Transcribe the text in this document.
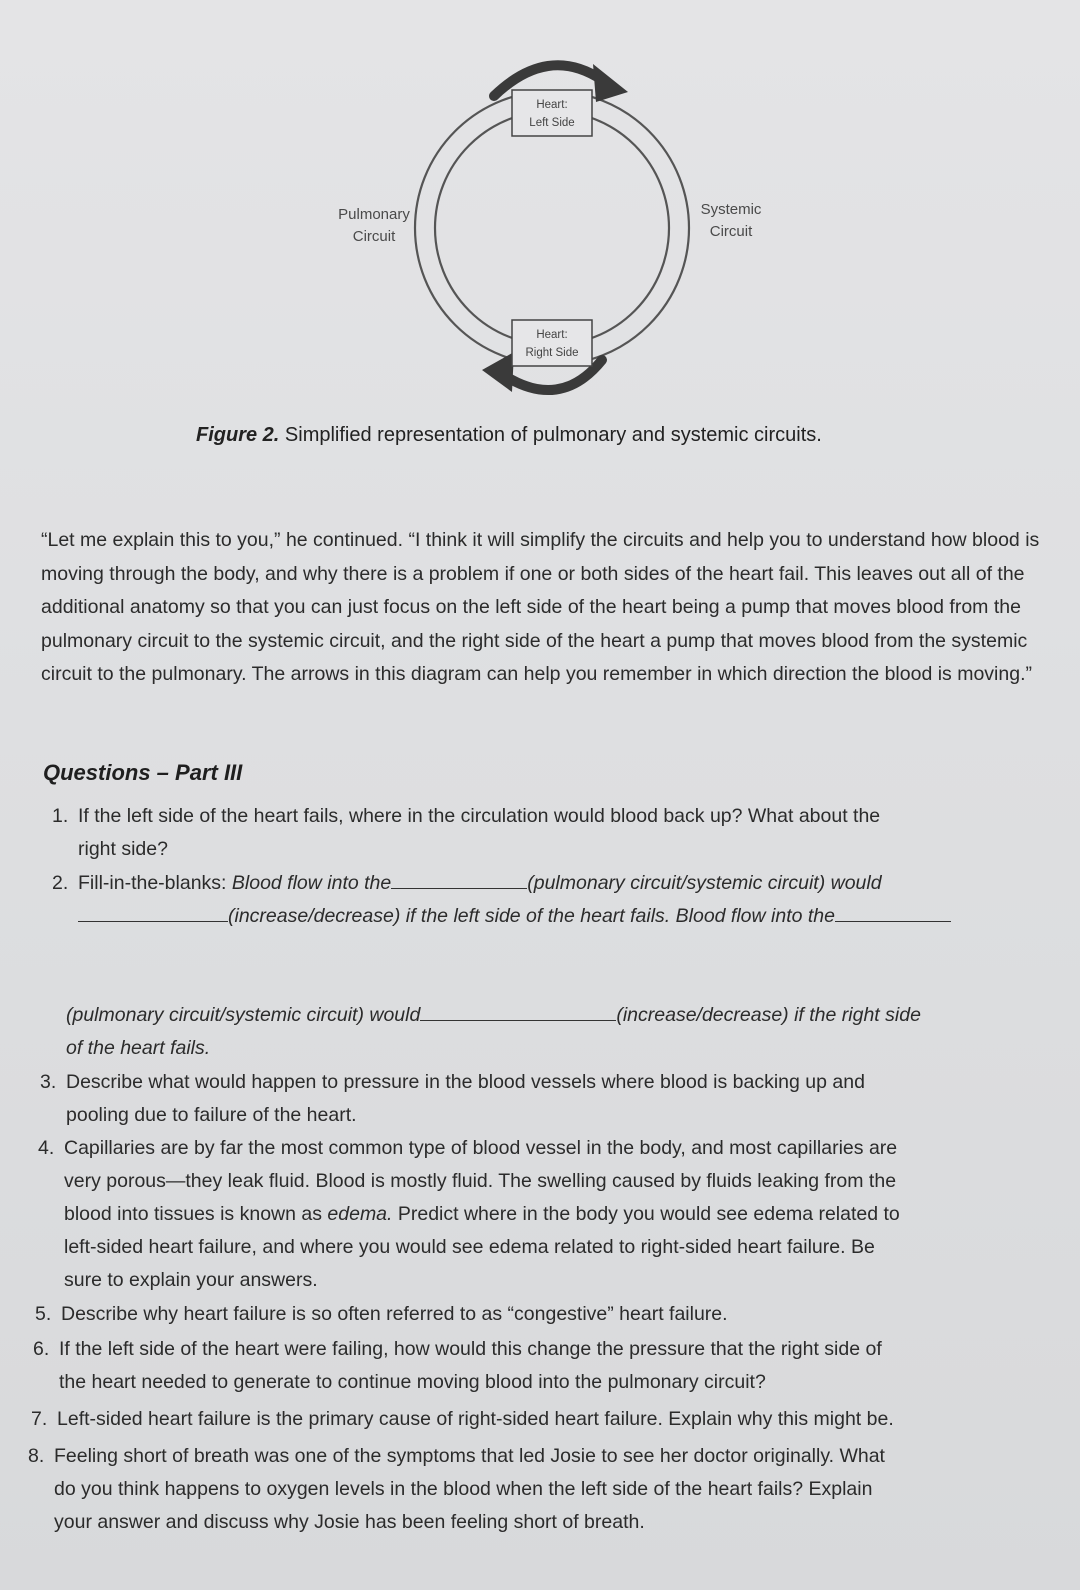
Heart:
Left Side
Heart:
Right Side
Pulmonary
Circuit
Systemic
Circuit
Figure 2. Simplified representation of pulmonary and systemic circuits.
“Let me explain this to you,” he continued. “I think it will simplify the circuits and help you to understand how blood is moving through the body, and why there is a problem if one or both sides of the heart fail. This leaves out all of the additional anatomy so that you can just focus on the left side of the heart being a pump that moves blood from the pulmonary circuit to the systemic circuit, and the right side of the heart a pump that moves blood from the systemic circuit to the pulmonary. The arrows in this diagram can help you remember in which direction the blood is moving.”
Questions – Part III
1. If the left side of the heart fails, where in the circulation would blood back up? What about the
right side?
2. Fill-in-the-blanks: Blood flow into the	(pulmonary circuit/systemic circuit) would
(increase/decrease) if the left side of the heart fails. Blood flow into the
(pulmonary circuit/systemic circuit) would	(increase/decrease) if the right side
of the heart fails.
3. Describe what would happen to pressure in the blood vessels where blood is backing up and
pooling due to failure of the heart.
4. Capillaries are by far the most common type of blood vessel in the body, and most capillaries are
very porous—they leak fluid. Blood is mostly fluid. The swelling caused by fluids leaking from the
blood into tissues is known as edema. Predict where in the body you would see edema related to
left-sided heart failure, and where you would see edema related to right-sided heart failure. Be
sure to explain your answers.
5. Describe why heart failure is so often referred to as “congestive” heart failure.
6. If the left side of the heart were failing, how would this change the pressure that the right side of
the heart needed to generate to continue moving blood into the pulmonary circuit?
7. Left-sided heart failure is the primary cause of right-sided heart failure. Explain why this might be.
8. Feeling short of breath was one of the symptoms that led Josie to see her doctor originally. What
do you think happens to oxygen levels in the blood when the left side of the heart fails? Explain
your answer and discuss why Josie has been feeling short of breath.
